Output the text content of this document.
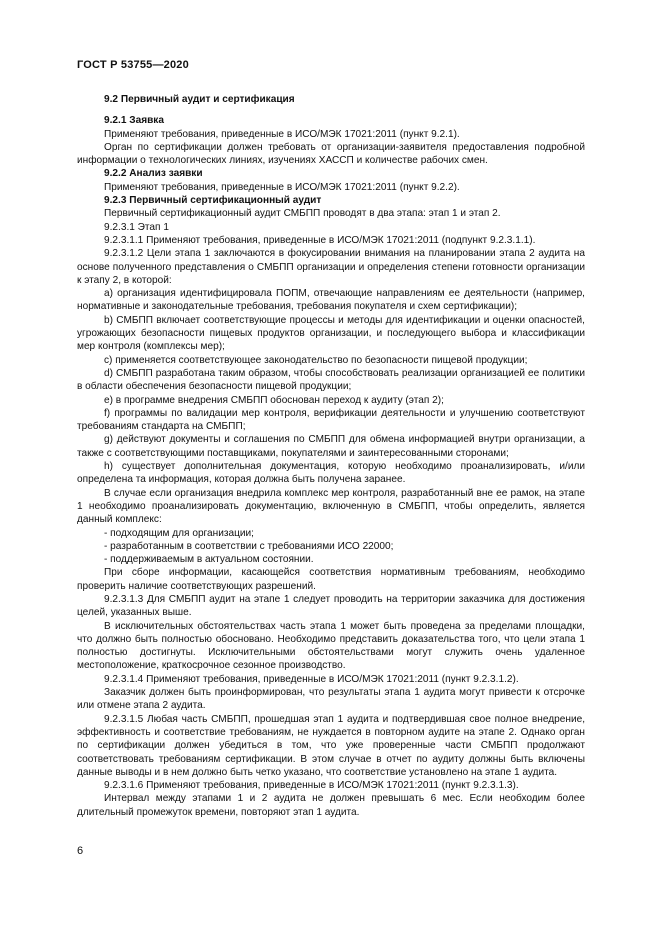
ГОСТ Р 53755—2020

9.2 Первичный аудит и сертификация

9.2.1 Заявка

Применяют требования, приведенные в ИСО/МЭК 17021:2011 (пункт 9.2.1).

Орган по сертификации должен требовать от организации-заявителя предоставления подробной информации о технологических линиях, изучениях ХАССП и количестве рабочих смен.

9.2.2 Анализ заявки

Применяют требования, приведенные в ИСО/МЭК 17021:2011 (пункт 9.2.2).

9.2.3 Первичный сертификационный аудит

Первичный сертификационный аудит СМБПП проводят в два этапа: этап 1 и этап 2.

9.2.3.1 Этап 1

9.2.3.1.1 Применяют требования, приведенные в ИСО/МЭК 17021:2011 (подпункт 9.2.3.1.1).

9.2.3.1.2 Цели этапа 1 заключаются в фокусировании внимания на планировании этапа 2 аудита на основе полученного представления о СМБПП организации и определения степени готовности организации к этапу 2, в которой:

a) организация идентифицировала ПОПМ, отвечающие направлениям ее деятельности (например, нормативные и законодательные требования, требования покупателя и схем сертификации);

b) СМБПП включает соответствующие процессы и методы для идентификации и оценки опасностей, угрожающих безопасности пищевых продуктов организации, и последующего выбора и классификации мер контроля (комплексы мер);

c) применяется соответствующее законодательство по безопасности пищевой продукции;

d) СМБПП разработана таким образом, чтобы способствовать реализации организацией ее политики в области обеспечения безопасности пищевой продукции;

e) в программе внедрения СМБПП обоснован переход к аудиту (этап 2);

f) программы по валидации мер контроля, верификации деятельности и улучшению соответствуют требованиям стандарта на СМБПП;

g) действуют документы и соглашения по СМБПП для обмена информацией внутри организации, а также с соответствующими поставщиками, покупателями и заинтересованными сторонами;

h) существует дополнительная документация, которую необходимо проанализировать, и/или определена та информация, которая должна быть получена заранее.

В случае если организация внедрила комплекс мер контроля, разработанный вне ее рамок, на этапе 1 необходимо проанализировать документацию, включенную в СМБПП, чтобы определить, является данный комплекс:

- подходящим для организации;

- разработанным в соответствии с требованиями ИСО 22000;

- поддерживаемым в актуальном состоянии.

При сборе информации, касающейся соответствия нормативным требованиям, необходимо проверить наличие соответствующих разрешений.

9.2.3.1.3 Для СМБПП аудит на этапе 1 следует проводить на территории заказчика для достижения целей, указанных выше.

В исключительных обстоятельствах часть этапа 1 может быть проведена за пределами площадки, что должно быть полностью обосновано. Необходимо представить доказательства того, что цели этапа 1 полностью достигнуты. Исключительными обстоятельствами могут служить очень удаленное местоположение, краткосрочное сезонное производство.

9.2.3.1.4 Применяют требования, приведенные в ИСО/МЭК 17021:2011 (пункт 9.2.3.1.2).

Заказчик должен быть проинформирован, что результаты этапа 1 аудита могут привести к отсрочке или отмене этапа 2 аудита.

9.2.3.1.5 Любая часть СМБПП, прошедшая этап 1 аудита и подтвердившая свое полное внедрение, эффективность и соответствие требованиям, не нуждается в повторном аудите на этапе 2. Однако орган по сертификации должен убедиться в том, что уже проверенные части СМБПП продолжают соответствовать требованиям сертификации. В этом случае в отчет по аудиту должны быть включены данные выводы и в нем должно быть четко указано, что соответствие установлено на этапе 1 аудита.

9.2.3.1.6 Применяют требования, приведенные в ИСО/МЭК 17021:2011 (пункт 9.2.3.1.3).

Интервал между этапами 1 и 2 аудита не должен превышать 6 мес. Если необходим более длительный промежуток времени, повторяют этап 1 аудита.

6
